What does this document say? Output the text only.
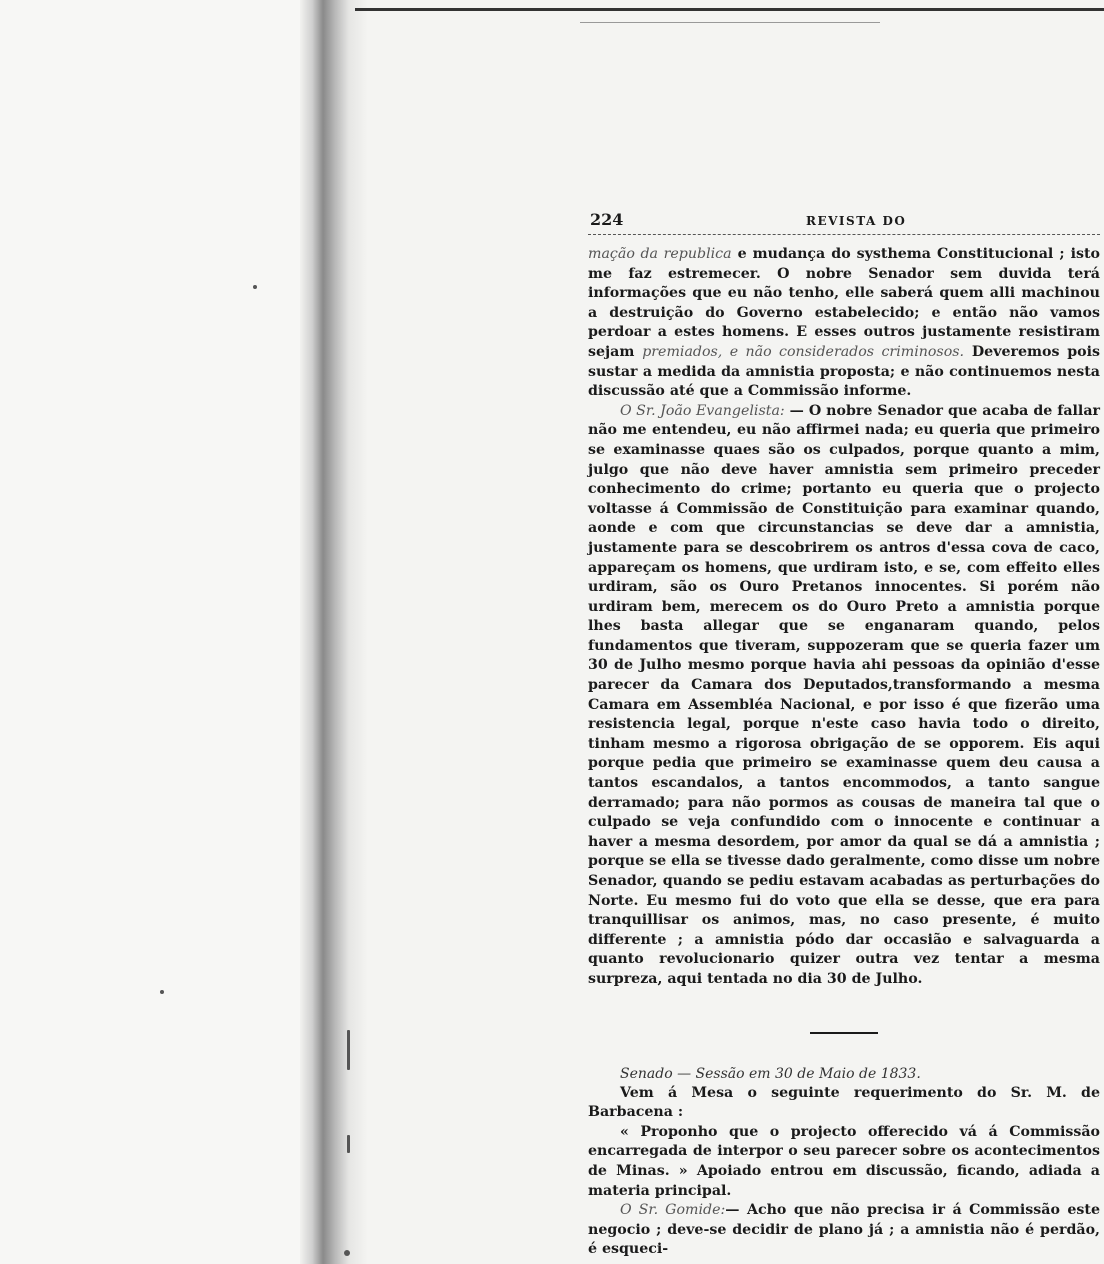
224	REVISTA DO

mação da republica e mudança do systhema Constitucional ; isto me faz estremecer. O nobre Senador sem duvida terá informações que eu não tenho, elle saberá quem alli machinou a destruição do Governo estabelecido; e então não vamos perdoar a estes homens. E esses outros justamente resistiram sejam premiados, e não considerados criminosos. Deveremos pois sustar a medida da amnistia proposta; e não continuemos nesta discussão até que a Commissão informe.

O Sr. João Evangelista: — O nobre Senador que acaba de fallar não me entendeu, eu não affirmei nada; eu queria que primeiro se examinasse quaes são os culpados, porque quanto a mim, julgo que não deve haver amnistia sem primeiro preceder conhecimento do crime; portanto eu queria que o projecto voltasse á Commissão de Constituição para examinar quando, aonde e com que circunstancias se deve dar a amnistia, justamente para se descobrirem os antros d'essa cova de caco, appareçam os homens, que urdiram isto, e se, com effeito elles urdiram, são os Ouro Pretanos innocentes. Si porém não urdiram bem, merecem os do Ouro Preto a amnistia porque lhes basta allegar que se enganaram quando, pelos fundamentos que tiveram, suppozeram que se queria fazer um 30 de Julho mesmo porque havia ahi pessoas da opinião d'esse parecer da Camara dos Deputados,transformando a mesma Camara em Assembléa Nacional, e por isso é que fizerão uma resistencia legal, porque n'este caso havia todo o direito, tinham mesmo a rigorosa obrigação de se opporem. Eis aqui porque pedia que primeiro se examinasse quem deu causa a tantos escandalos, a tantos encommodos, a tanto sangue derramado; para não pormos as cousas de maneira tal que o culpado se veja confundido com o innocente e continuar a haver a mesma desordem, por amor da qual se dá a amnistia ; porque se ella se tivesse dado geralmente, como disse um nobre Senador, quando se pediu estavam acabadas as perturbações do Norte. Eu mesmo fui do voto que ella se desse, que era para tranquillisar os animos, mas, no caso presente, é muito differente ; a amnistia pódo dar occasião e salvaguarda a quanto revolucionario quizer outra vez tentar a mesma surpreza, aqui tentada no dia 30 de Julho.

Senado — Sessão em 30 de Maio de 1833.

Vem á Mesa o seguinte requerimento do Sr. M. de Barbacena :

« Proponho que o projecto offerecido vá á Commissão encarregada de interpor o seu parecer sobre os acontecimentos de Minas. » Apoiado entrou em discussão, ficando, adiada a materia principal.

O Sr. Gomide:— Acho que não precisa ir á Commissão este negocio ; deve-se decidir de plano já ; a amnistia não é perdão, é esqueci-
